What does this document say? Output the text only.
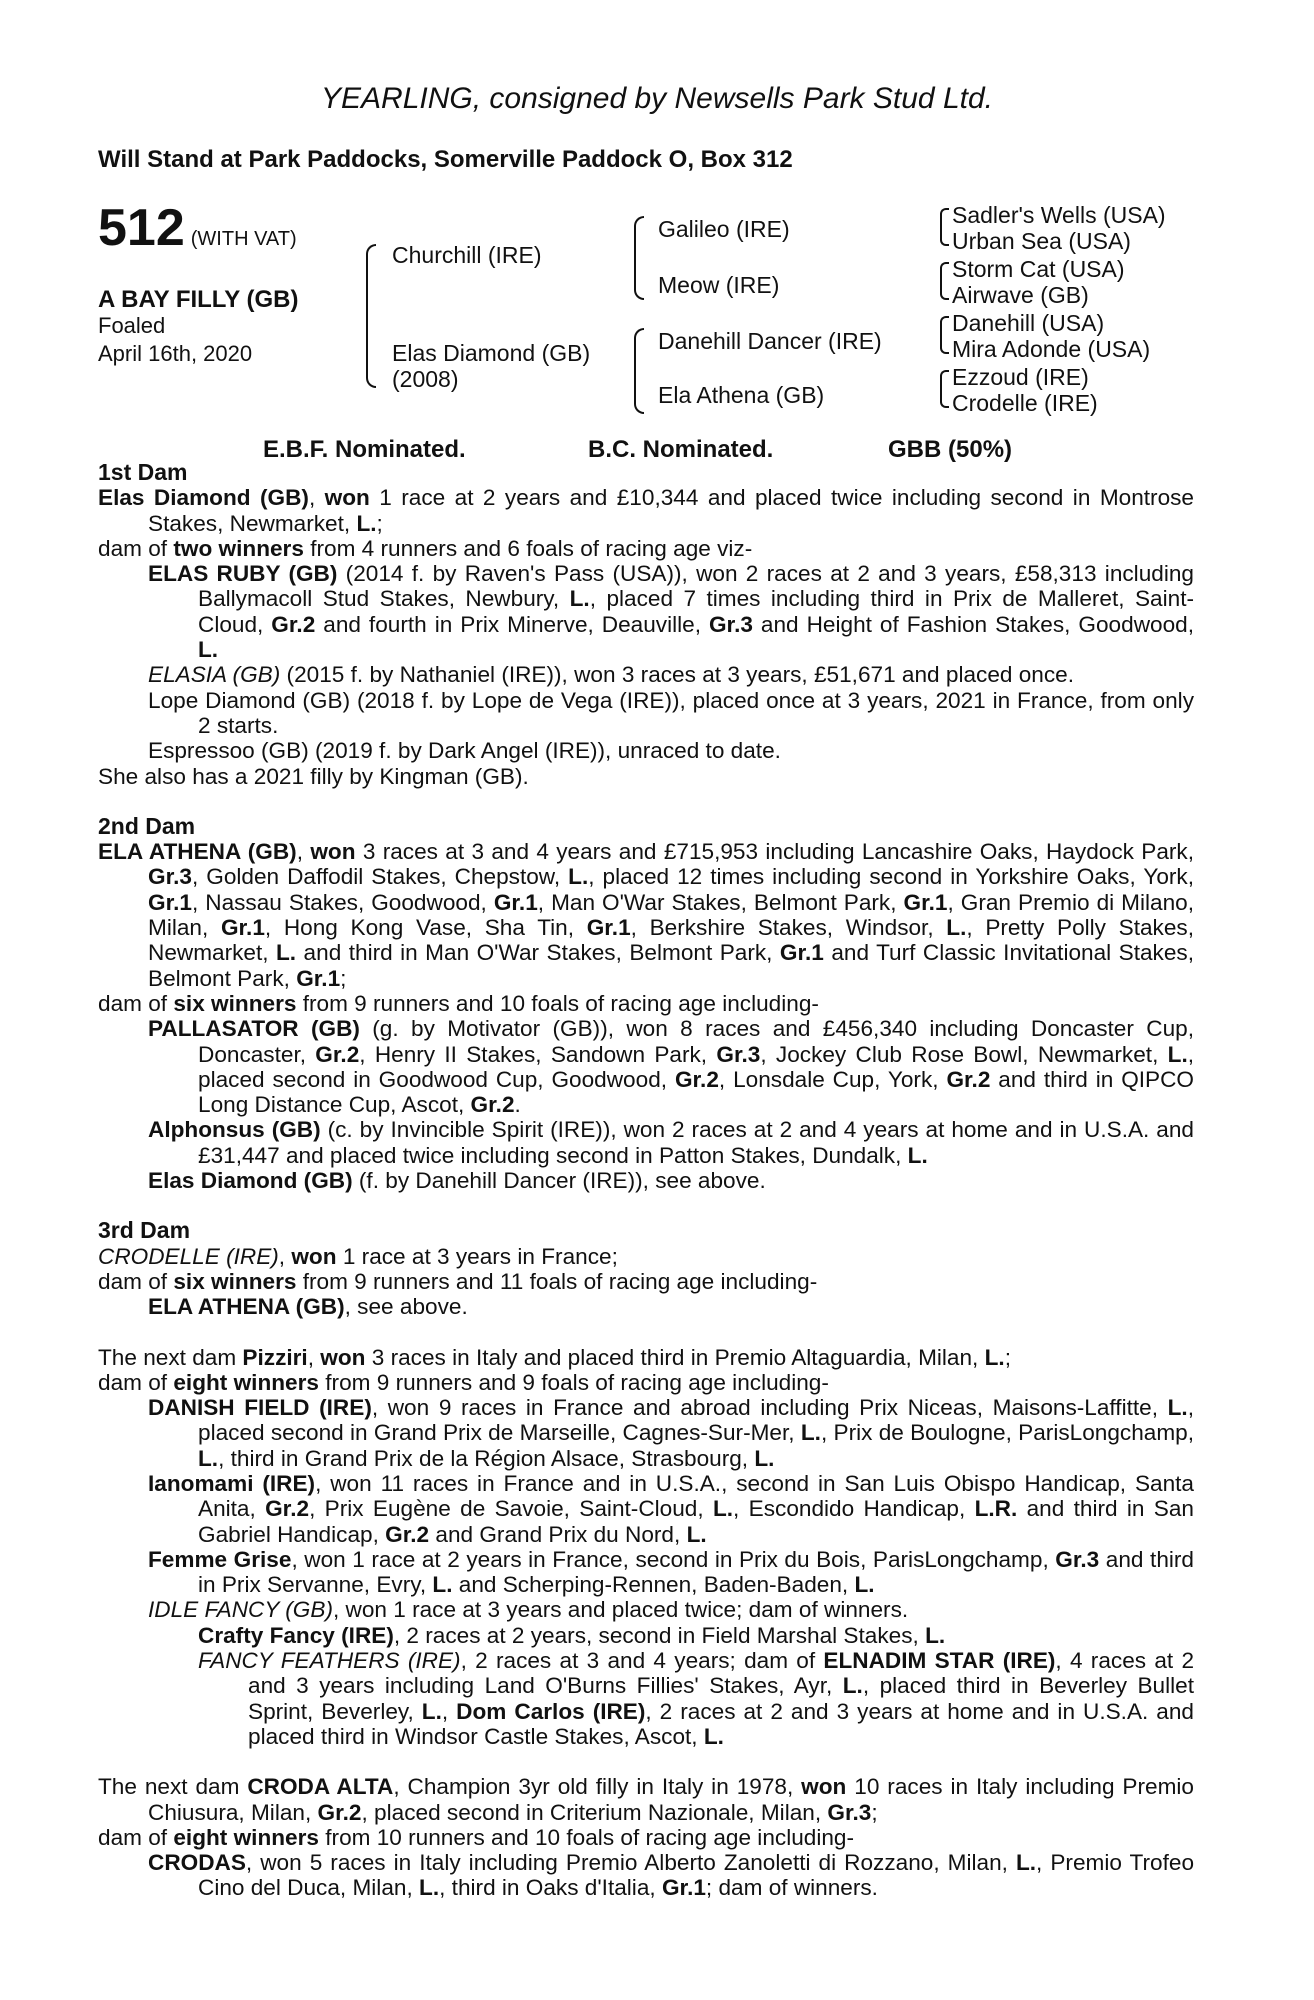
YEARLING, consigned by Newsells Park Stud Ltd.
Will Stand at Park Paddocks, Somerville Paddock O, Box 312
512 (WITH VAT)
A BAY FILLY (GB)
Foaled
April 16th, 2020
Churchill (IRE)
Elas Diamond (GB)
(2008)
Galileo (IRE)
Meow (IRE)
Danehill Dancer (IRE)
Ela Athena (GB)
Sadler's Wells (USA)
Urban Sea (USA)
Storm Cat (USA)
Airwave (GB)
Danehill (USA)
Mira Adonde (USA)
Ezzoud (IRE)
Crodelle (IRE)
E.B.F. Nominated.	B.C. Nominated.	GBB (50%)

1st Dam

Elas Diamond (GB), won 1 race at 2 years and £10,344 and placed twice including second in Montrose Stakes, Newmarket, L.;

dam of two winners from 4 runners and 6 foals of racing age viz-

ELAS RUBY (GB) (2014 f. by Raven's Pass (USA)), won 2 races at 2 and 3 years, £58,313 including Ballymacoll Stud Stakes, Newbury, L., placed 7 times including third in Prix de Malleret, Saint-Cloud, Gr.2 and fourth in Prix Minerve, Deauville, Gr.3 and Height of Fashion Stakes, Goodwood, L.

ELASIA (GB) (2015 f. by Nathaniel (IRE)), won 3 races at 3 years, £51,671 and placed once.

Lope Diamond (GB) (2018 f. by Lope de Vega (IRE)), placed once at 3 years, 2021 in France, from only 2 starts.

Espressoo (GB) (2019 f. by Dark Angel (IRE)), unraced to date.

She also has a 2021 filly by Kingman (GB).

2nd Dam

ELA ATHENA (GB), won 3 races at 3 and 4 years and £715,953 including Lancashire Oaks, Haydock Park, Gr.3, Golden Daffodil Stakes, Chepstow, L., placed 12 times including second in Yorkshire Oaks, York, Gr.1, Nassau Stakes, Goodwood, Gr.1, Man O'War Stakes, Belmont Park, Gr.1, Gran Premio di Milano, Milan, Gr.1, Hong Kong Vase, Sha Tin, Gr.1, Berkshire Stakes, Windsor, L., Pretty Polly Stakes, Newmarket, L. and third in Man O'War Stakes, Belmont Park, Gr.1 and Turf Classic Invitational Stakes, Belmont Park, Gr.1;

dam of six winners from 9 runners and 10 foals of racing age including-

PALLASATOR (GB) (g. by Motivator (GB)), won 8 races and £456,340 including Doncaster Cup, Doncaster, Gr.2, Henry II Stakes, Sandown Park, Gr.3, Jockey Club Rose Bowl, Newmarket, L., placed second in Goodwood Cup, Goodwood, Gr.2, Lonsdale Cup, York, Gr.2 and third in QIPCO Long Distance Cup, Ascot, Gr.2.

Alphonsus (GB) (c. by Invincible Spirit (IRE)), won 2 races at 2 and 4 years at home and in U.S.A. and £31,447 and placed twice including second in Patton Stakes, Dundalk, L.

Elas Diamond (GB) (f. by Danehill Dancer (IRE)), see above.

3rd Dam

CRODELLE (IRE), won 1 race at 3 years in France;

dam of six winners from 9 runners and 11 foals of racing age including-

ELA ATHENA (GB), see above.

The next dam Pizziri, won 3 races in Italy and placed third in Premio Altaguardia, Milan, L.;

dam of eight winners from 9 runners and 9 foals of racing age including-

DANISH FIELD (IRE), won 9 races in France and abroad including Prix Niceas, Maisons-Laffitte, L., placed second in Grand Prix de Marseille, Cagnes-Sur-Mer, L., Prix de Boulogne, ParisLongchamp, L., third in Grand Prix de la Région Alsace, Strasbourg, L.

Ianomami (IRE), won 11 races in France and in U.S.A., second in San Luis Obispo Handicap, Santa Anita, Gr.2, Prix Eugène de Savoie, Saint-Cloud, L., Escondido Handicap, L.R. and third in San Gabriel Handicap, Gr.2 and Grand Prix du Nord, L.

Femme Grise, won 1 race at 2 years in France, second in Prix du Bois, ParisLongchamp, Gr.3 and third in Prix Servanne, Evry, L. and Scherping-Rennen, Baden-Baden, L.

IDLE FANCY (GB), won 1 race at 3 years and placed twice; dam of winners.

Crafty Fancy (IRE), 2 races at 2 years, second in Field Marshal Stakes, L.

FANCY FEATHERS (IRE), 2 races at 3 and 4 years; dam of ELNADIM STAR (IRE), 4 races at 2 and 3 years including Land O'Burns Fillies' Stakes, Ayr, L., placed third in Beverley Bullet Sprint, Beverley, L., Dom Carlos (IRE), 2 races at 2 and 3 years at home and in U.S.A. and placed third in Windsor Castle Stakes, Ascot, L.

The next dam CRODA ALTA, Champion 3yr old filly in Italy in 1978, won 10 races in Italy including Premio Chiusura, Milan, Gr.2, placed second in Criterium Nazionale, Milan, Gr.3;

dam of eight winners from 10 runners and 10 foals of racing age including-

CRODAS, won 5 races in Italy including Premio Alberto Zanoletti di Rozzano, Milan, L., Premio Trofeo Cino del Duca, Milan, L., third in Oaks d'Italia, Gr.1; dam of winners.
